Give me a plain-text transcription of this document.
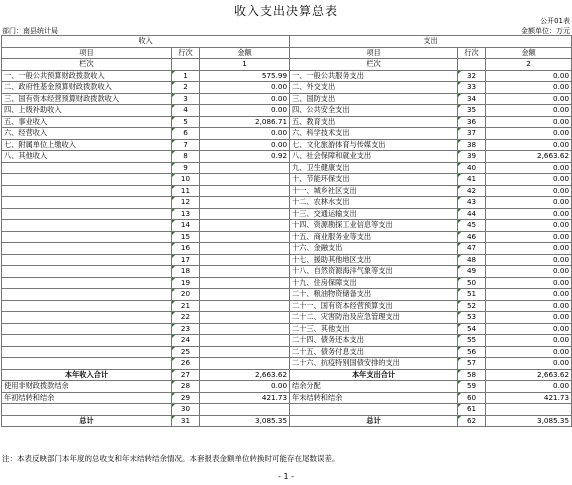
收入支出决算总表
公开01表
部门：南县统计局	金额单位：万元
收入			支出		
项目	行次	金额	项目	行次	金额
栏次		1	栏次		2
一、一般公共预算财政拨款收入	1	575.99	一、一般公共服务支出	32	0.00
二、政府性基金预算财政拨款收入	2	0.00	二、外交支出	33	0.00
三、国有资本经营预算财政拨款收入	3	0.00	三、国防支出	34	0.00
四、上级补助收入	4	0.00	四、公共安全支出	35	0.00
五、事业收入	5	2,086.71	五、教育支出	36	0.00
六、经营收入	6	0.00	六、科学技术支出	37	0.00
七、附属单位上缴收入	7	0.00	七、文化旅游体育与传媒支出	38	0.00
八、其他收入	8	0.92	八、社会保障和就业支出	39	2,663.62
	9		九、卫生健康支出	40	0.00
	10		十、节能环保支出	41	0.00
	11		十一、城乡社区支出	42	0.00
	12		十二、农林水支出	43	0.00
	13		十三、交通运输支出	44	0.00
	14		十四、资源勘探工业信息等支出	45	0.00
	15		十五、商业服务业等支出	46	0.00
	16		十六、金融支出	47	0.00
	17		十七、援助其他地区支出	48	0.00
	18		十八、自然资源海洋气象等支出	49	0.00
	19		十九、住房保障支出	50	0.00
	20		二十、粮油物资储备支出	51	0.00
	21		二十一、国有资本经营预算支出	52	0.00
	22		二十二、灾害防治及应急管理支出	53	0.00
	23		二十三、其他支出	54	0.00
	24		二十四、债务还本支出	55	0.00
	25		二十五、债务付息支出	56	0.00
	26		二十六、抗疫特别国债安排的支出	57	0.00
本年收入合计	27	2,663.62	本年支出合计	58	2,663.62
使用非财政拨款结余	28	0.00	结余分配	59	0.00
年初结转和结余	29	421.73	年末结转和结余	60	421.73
	30			61	
总计	31	3,085.35	总计	62	3,085.35
注：本表反映部门本年度的总收支和年末结转结余情况。本套报表金额单位转换时可能存在尾数误差。
- 1 -
